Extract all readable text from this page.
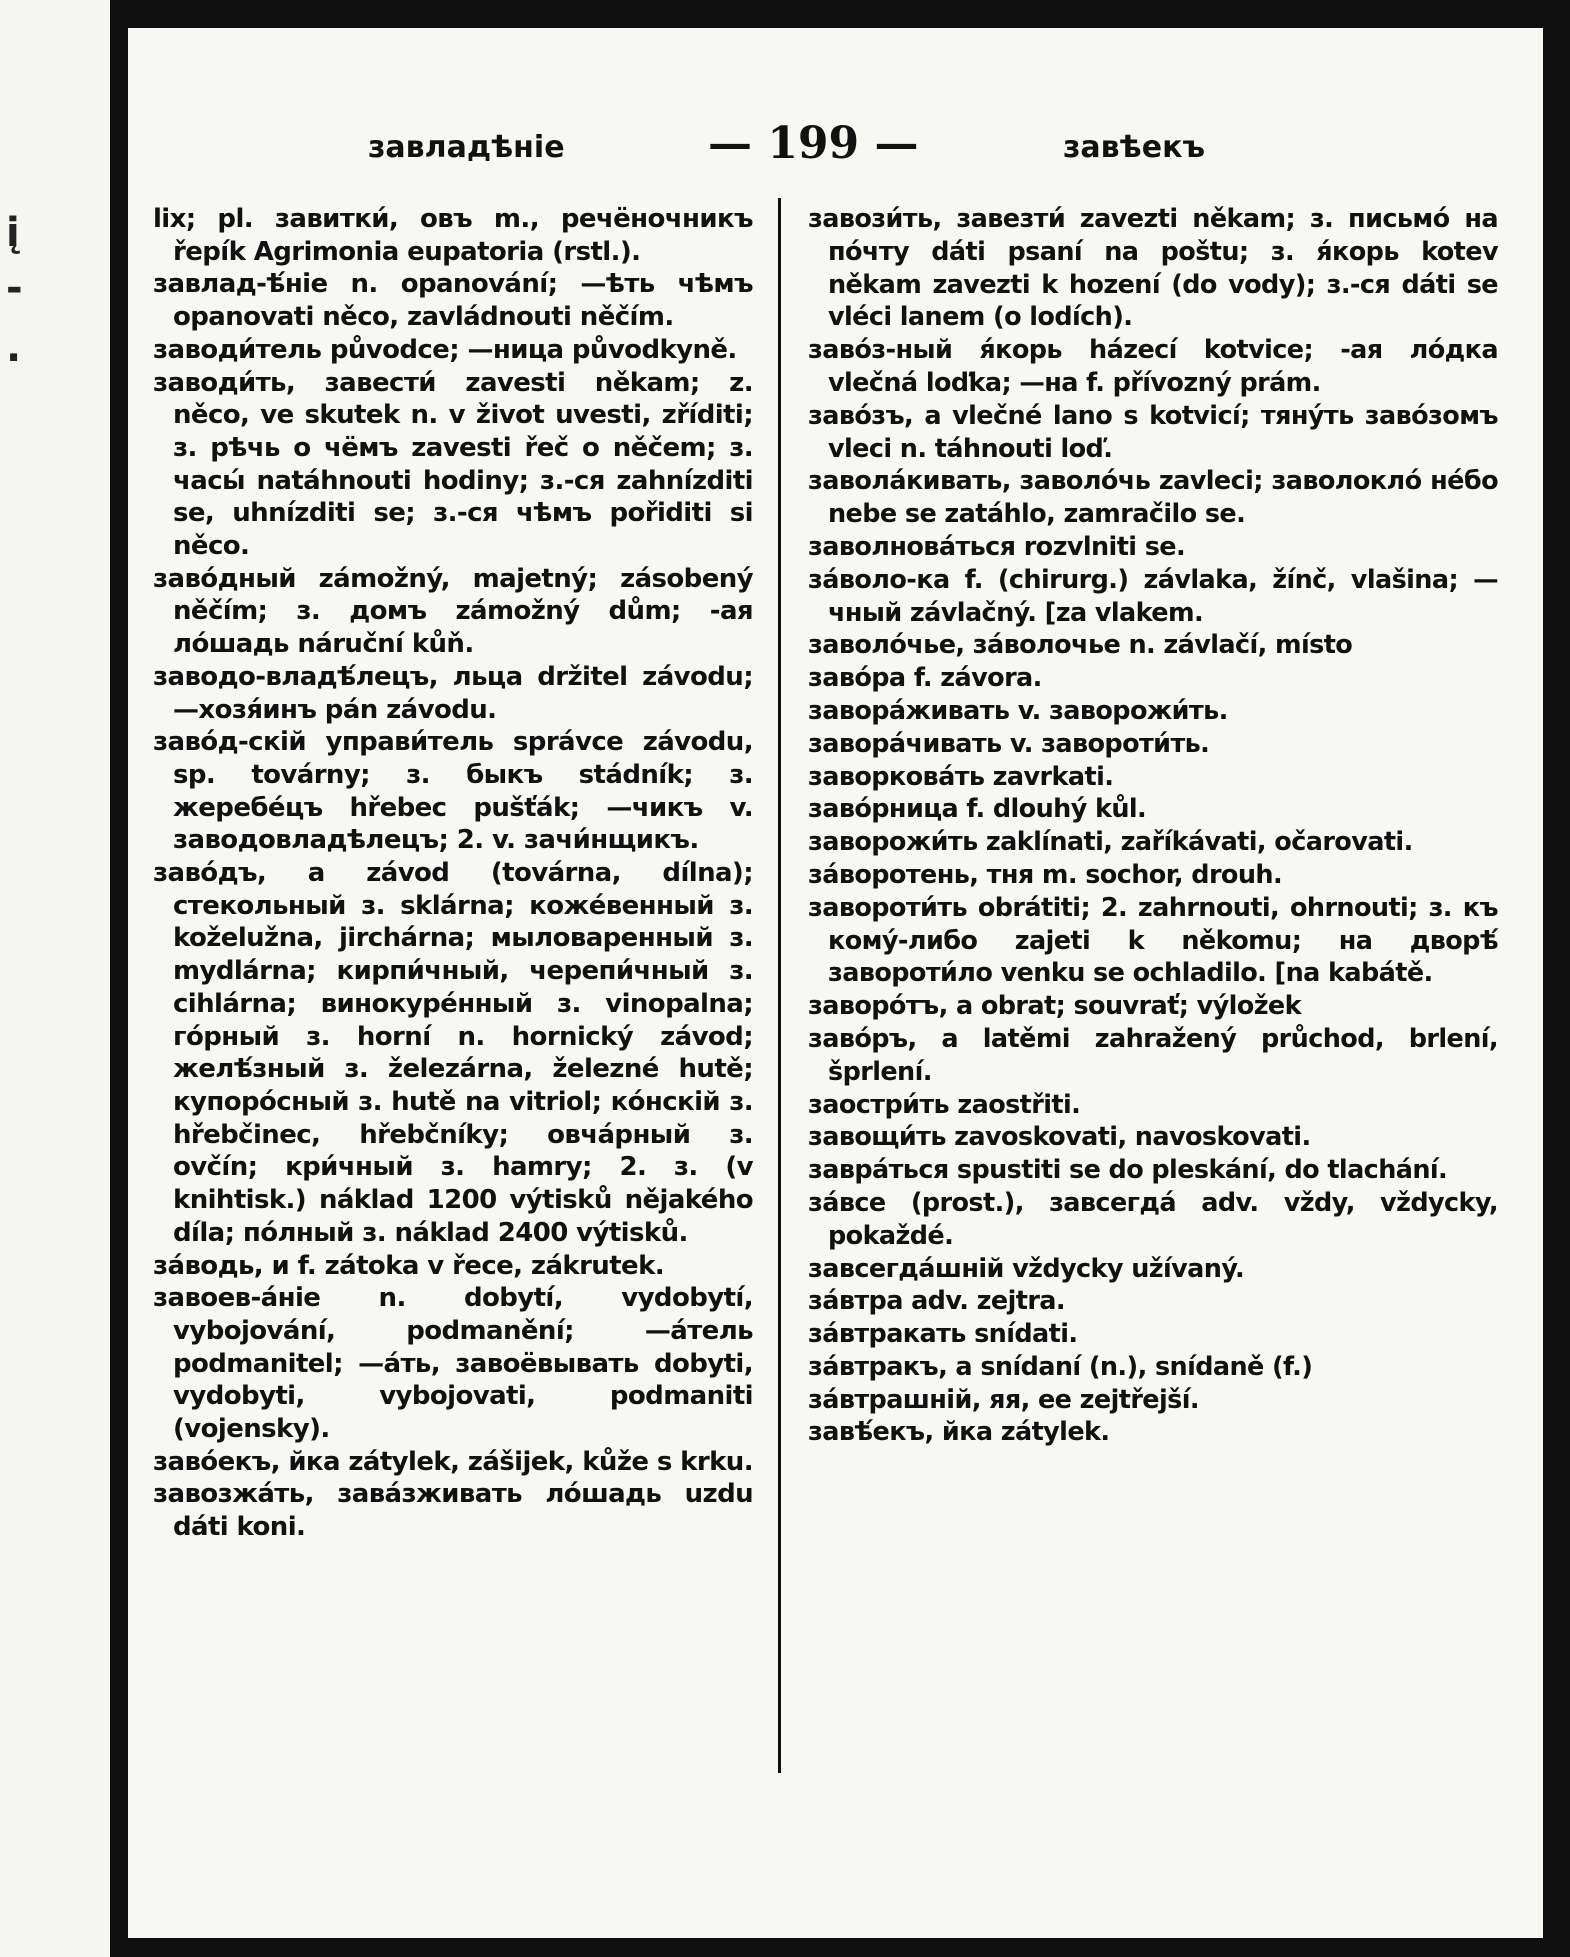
į
-
.
завладѣніе	— 199 —	завѣекъ
lix; pl. завитки́, овъ m., речёночникъ řepík Agrimonia eupatoria (rstl.).
завлад-ѣ́ніе n. opanování; —ѣть чѣмъ opanovati něco, zavládnouti něčím.
заводи́тель původce; —ница původkyně.
заводи́ть, завести́ zavesti někam; z. něco, ve skutek n. v život uvesti, zříditi; з. рѣчь о чёмъ zavesti řeč o něčem; з. часы́ natáhnouti hodiny; з.-ся zahnízditi se, uhnízditi se; з.-ся чѣмъ pořiditi si něco.
заво́дный zámožný, majetný; zásobený něčím; з. домъ zámožný dům; -ая ло́шадь náruční kůň.
заводо-владѣ́лецъ, льца držitel závodu; —хозя́инъ pán závodu.
заво́д-скій управи́тель správce závodu, sp. továrny; з. быкъ stádník; з. жеребе́цъ hřebec pušťák; —чикъ v. заводовладѣлецъ; 2. v. зачи́нщикъ.
заво́дъ, а závod (továrna, dílna); стекольный з. sklárna; коже́венный з. koželužna, jirchárna; мыловаренный з. mydlárna; кирпи́чный, черепи́чный з. cihlárna; винокуре́нный з. vinopalna; го́рный з. horní n. hornický závod; желѣ́зный з. železárna, železné hutě; купоро́сный з. hutě na vitriol; ко́нскій з. hřebčinec, hřebčníky; овча́рный з. ovčín; кри́чный з. hamry; 2. з. (v knihtisk.) náklad 1200 výtisků nějakého díla; по́лный з. náklad 2400 výtisků.
за́водь, и f. zátoka v řece, zákrutek.
завоев-а́ніе n. dobytí, vydobytí, vybojování, podmanění; —а́тель podmanitel; —а́ть, завоёвывать dobyti, vydobyti, vybojovati, podmaniti (vojensky).
заво́екъ, йка zátylek, zášijek, kůže s krku.
завозжа́ть, зава́зживать ло́шадь uzdu dáti koni.
завози́ть, завезти́ zavezti někam; з. письмо́ на по́чту dáti psaní na poštu; з. я́корь kotev někam zavezti k hození (do vody); з.-ся dáti se vléci lanem (o lodích).
заво́з-ный я́корь házecí kotvice; -ая ло́дка vlečná loďka; —на f. přívozný prám.
заво́зъ, а vlečné lano s kotvicí; тяну́ть заво́зомъ vleci n. táhnouti loď.
заволáкивать, заволо́чь zavleci; заволокло́ не́бо nebe se zatáhlo, zamračilo se.
заволнова́ться rozvlniti se.
за́воло-ка f. (chirurg.) závlaka, žínč, vlašina; —чный závlačný. [za vlakem.
заволо́чье, за́волочье n. závlačí, místo
заво́ра f. závora.
заворáживать v. заворожи́ть.
заворáчивать v. заворoти́ть.
заворкова́ть zavrkati.
заво́рница f. dlouhý kůl.
заворожи́ть zaklínati, zaříkávati, očarovati.
за́воротень, тня m. sochor, drouh.
заворoти́ть obrátiti; 2. zahrnouti, ohrnouti; з. къ кому́-либо zajeti k někomu; на дворѣ́ заворoти́ло venku se ochladilo. [na kabátě.
заворо́тъ, а obrat; souvrať; výložek
заво́ръ, а latěmi zahražený průchod, brlení, šprlení.
заостри́ть zaostřiti.
завощи́ть zavoskovati, navoskovati.
завра́ться spustiti se do pleskání, do tlachání.
за́все (prost.), завсегда́ adv. vždy, vždycky, pokaždé.
завсегда́шній vždycky užívaný.
за́втра adv. zejtra.
за́втракать snídati.
за́втракъ, а snídaní (n.), snídaně (f.)
за́втрашній, яя, ее zejtřejší.
завѣ́екъ, йка zátylek.
